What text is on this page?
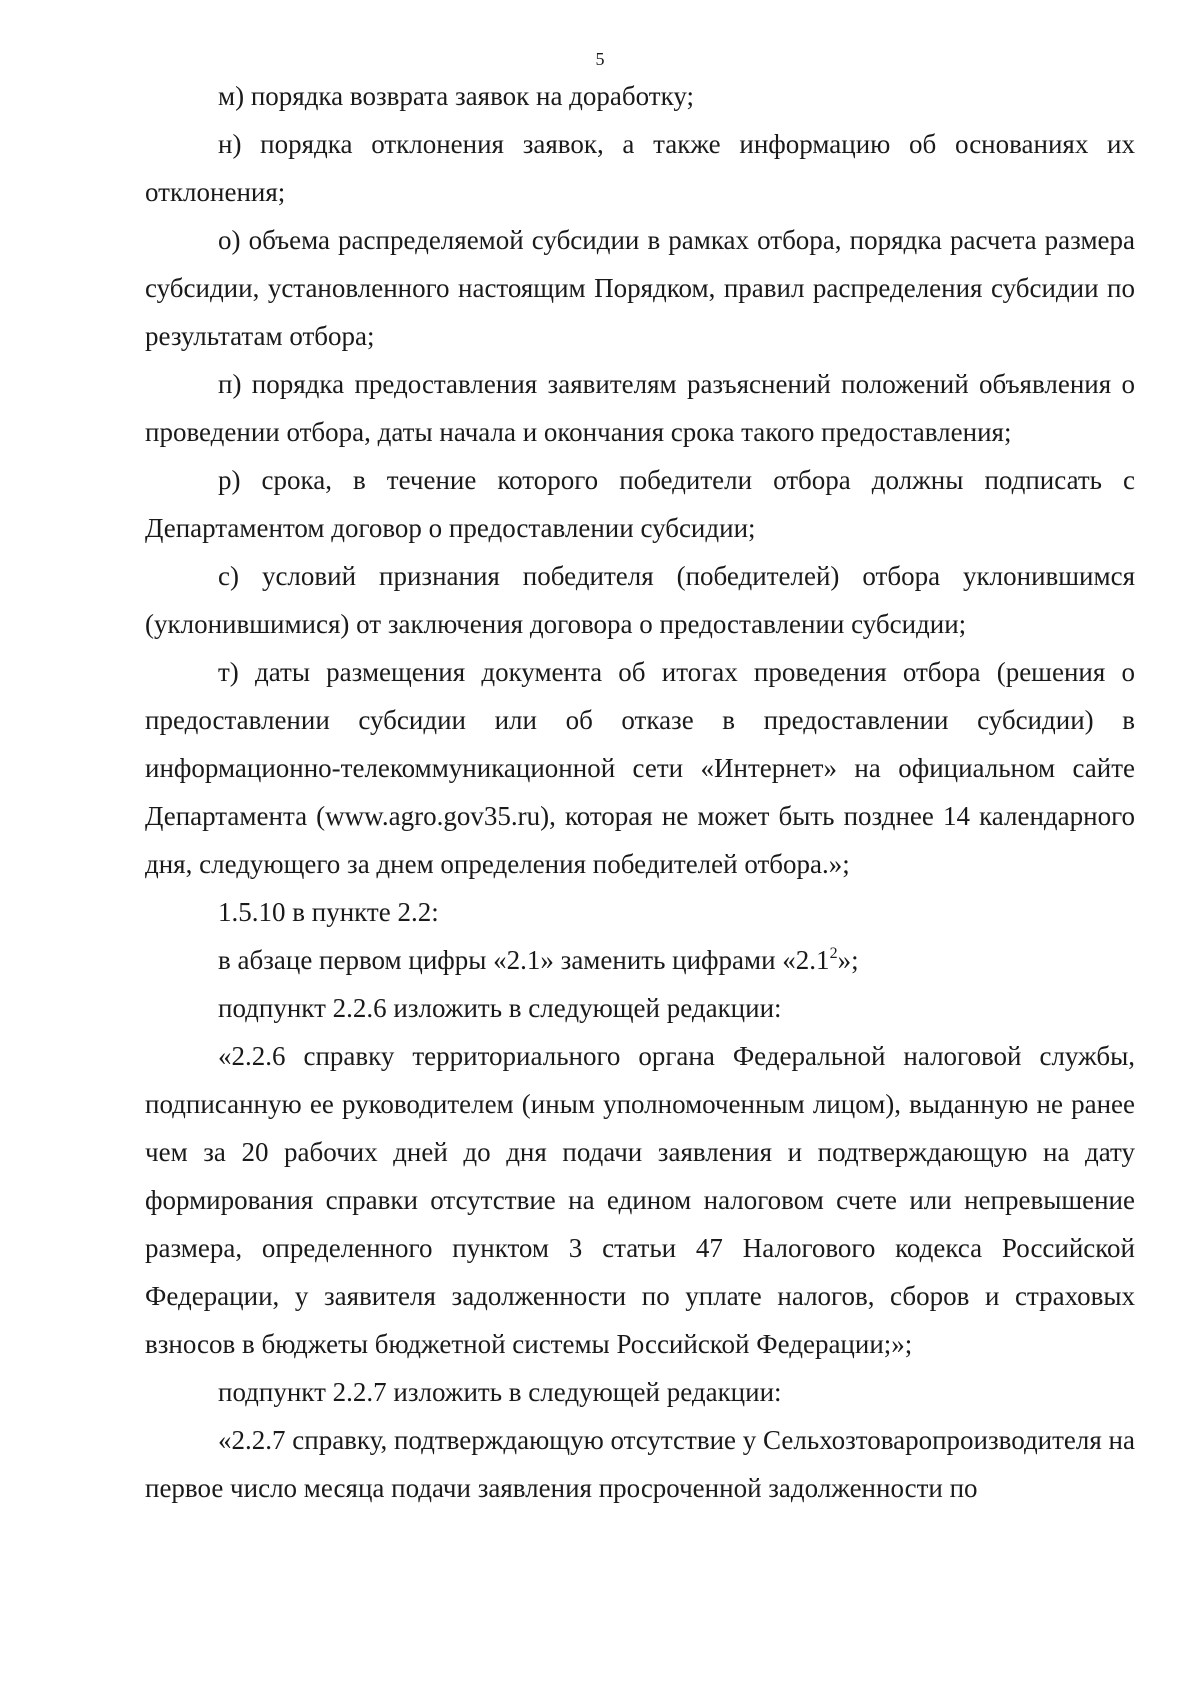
5

м) порядка возврата заявок на доработку;

н) порядка отклонения заявок, а также информацию об основаниях их отклонения;

о) объема распределяемой субсидии в рамках отбора, порядка расчета размера субсидии, установленного настоящим Порядком, правил распределения субсидии по результатам отбора;

п) порядка предоставления заявителям разъяснений положений объявления о проведении отбора, даты начала и окончания срока такого предоставления;

р) срока, в течение которого победители отбора должны подписать с Департаментом договор о предоставлении субсидии;

с) условий признания победителя (победителей) отбора уклонившимся (уклонившимися) от заключения договора о предоставлении субсидии;

т) даты размещения документа об итогах проведения отбора (решения о предоставлении субсидии или об отказе в предоставлении субсидии) в информационно-телекоммуникационной сети «Интернет» на официальном сайте Департамента (www.agro.gov35.ru), которая не может быть позднее 14 календарного дня, следующего за днем определения победителей отбора.»;

1.5.10 в пункте 2.2:

в абзаце первом цифры «2.1» заменить цифрами «$2.1^2$»;

подпункт 2.2.6 изложить в следующей редакции:

«2.2.6 справку территориального органа Федеральной налоговой службы, подписанную ее руководителем (иным уполномоченным лицом), выданную не ранее чем за 20 рабочих дней до дня подачи заявления и подтверждающую на дату формирования справки отсутствие на едином налоговом счете или непревышение размера, определенного пунктом 3 статьи 47 Налогового кодекса Российской Федерации, у заявителя задолженности по уплате налогов, сборов и страховых взносов в бюджеты бюджетной системы Российской Федерации;»;

подпункт 2.2.7 изложить в следующей редакции:

«2.2.7 справку, подтверждающую отсутствие у Сельхозтоваропроизводителя на первое число месяца подачи заявления просроченной задолженности по
